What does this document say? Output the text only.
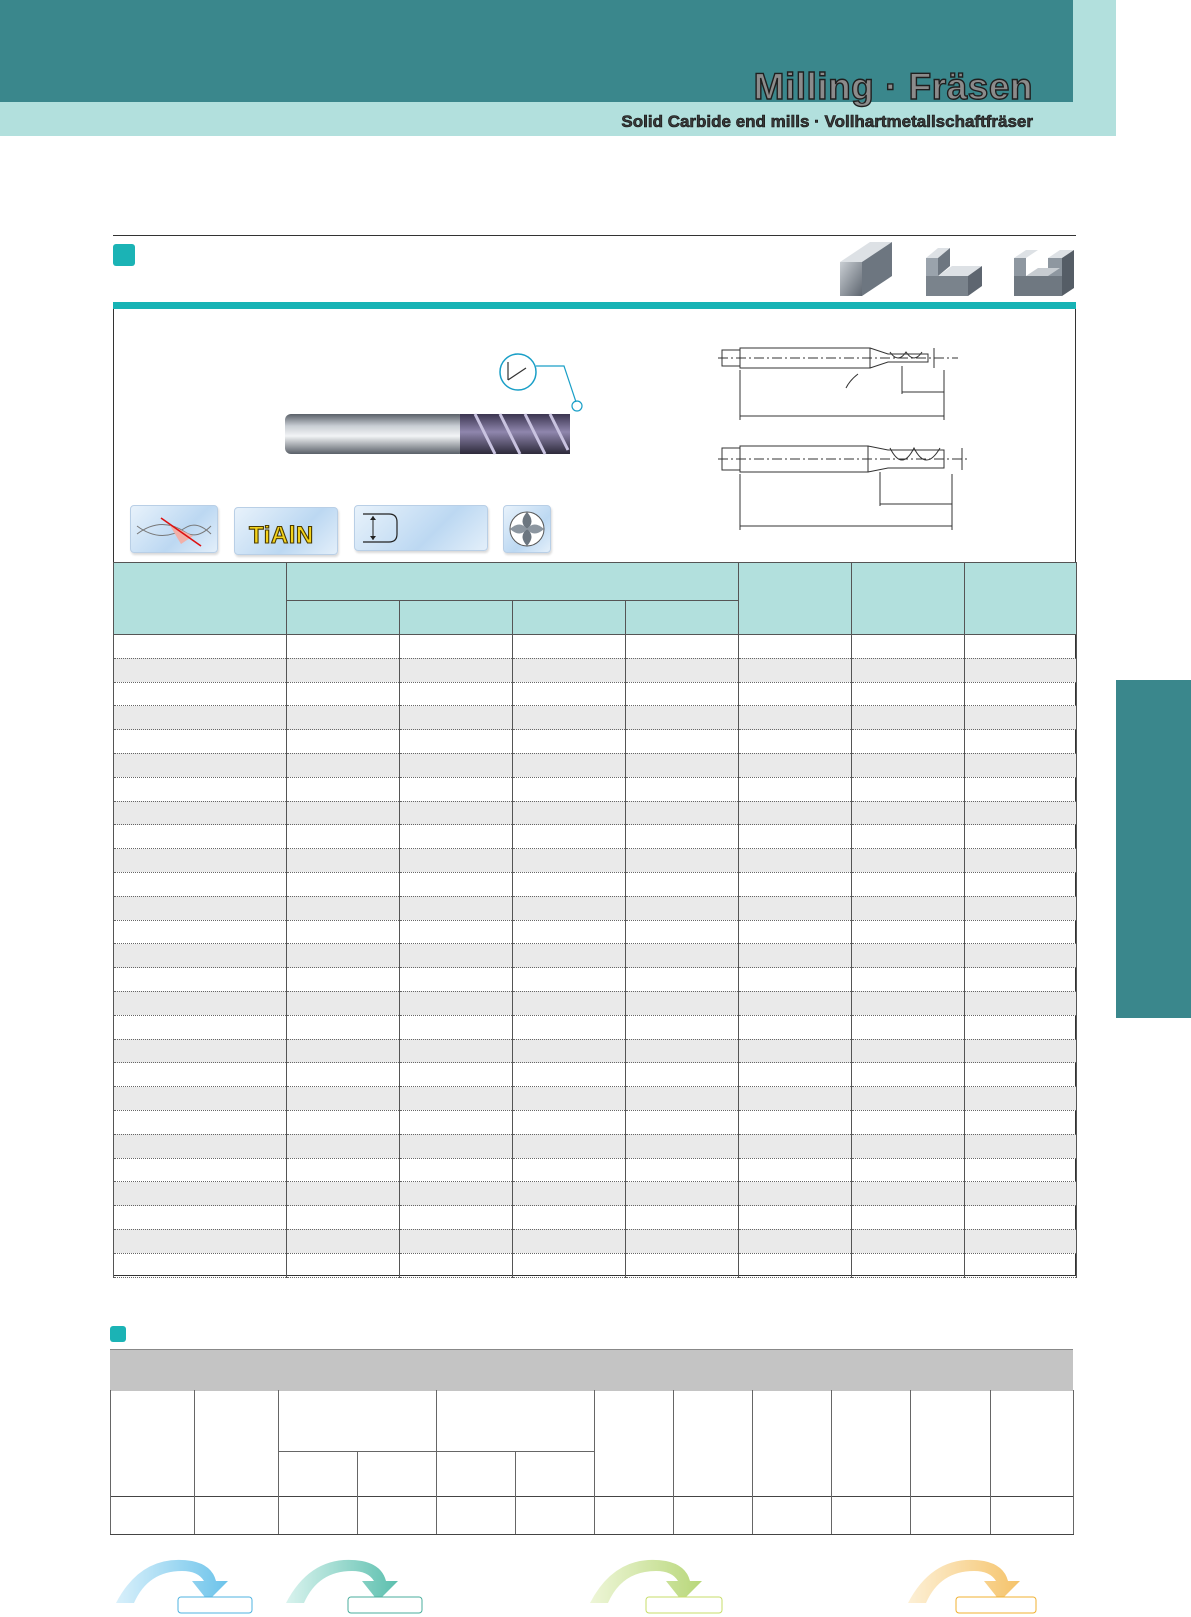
Milling · Fräsen
Solid Carbide end mills · Vollhartmetallschaftfräser
TiAlN
